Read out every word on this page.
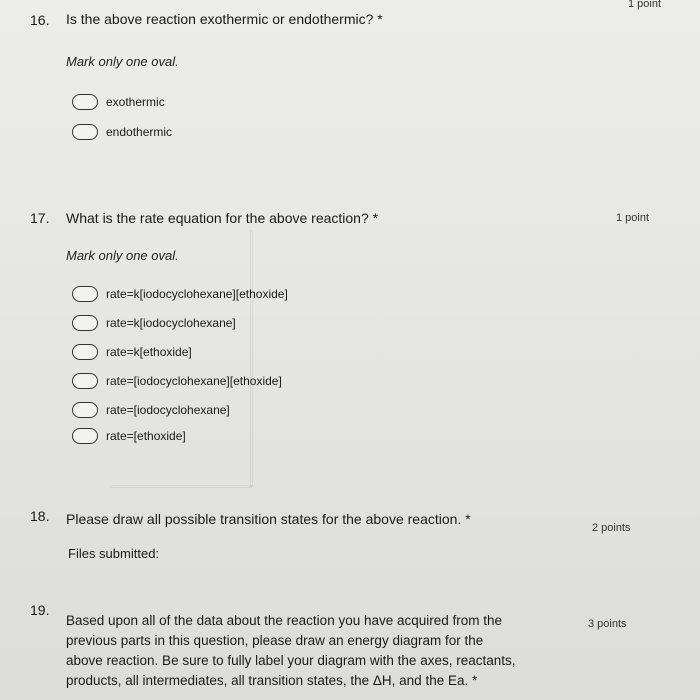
16. Is the above reaction exothermic or endothermic? *
1 point
Mark only one oval.
exothermic
endothermic
17. What is the rate equation for the above reaction? *	1 point
Mark only one oval.
rate=k[iodocyclohexane][ethoxide]
rate=k[iodocyclohexane]
rate=k[ethoxide]
rate=[iodocyclohexane][ethoxide]
rate=[iodocyclohexane]
rate=[ethoxide]
18. Please draw all possible transition states for the above reaction. *
2 points
Files submitted:
19.
Based upon all of the data about the reaction you have acquired from the
previous parts in this question, please draw an energy diagram for the
above reaction. Be sure to fully label your diagram with the axes, reactants,
products, all intermediates, all transition states, the ΔH, and the Ea. *
3 points
